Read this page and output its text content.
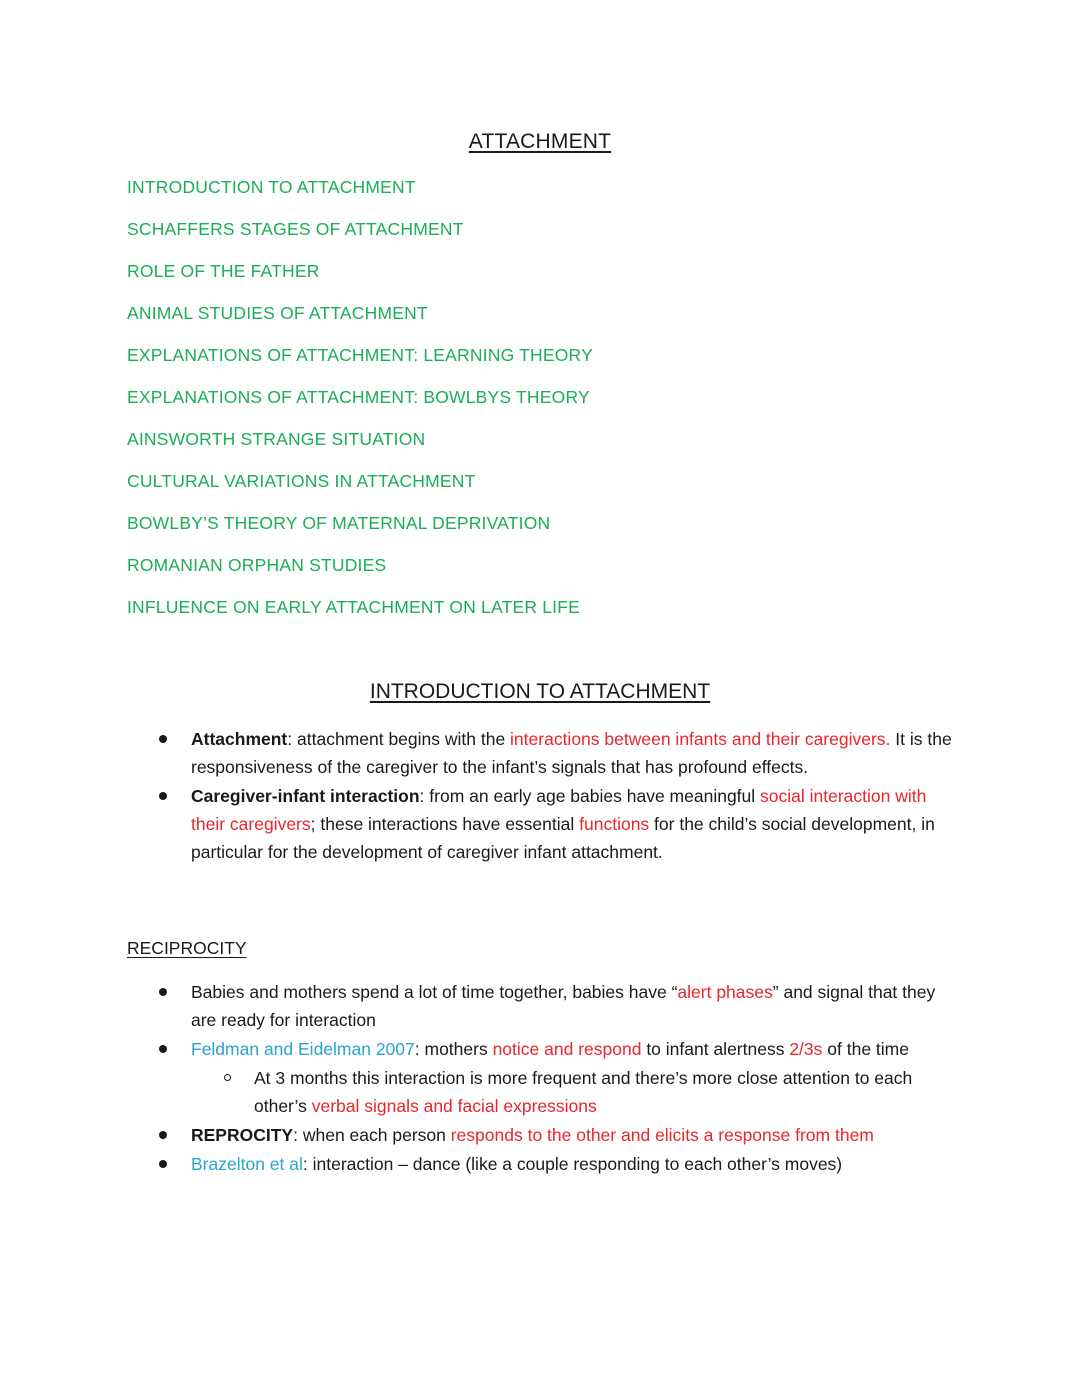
ATTACHMENT
INTRODUCTION TO ATTACHMENT
SCHAFFERS STAGES OF ATTACHMENT
ROLE OF THE FATHER
ANIMAL STUDIES OF ATTACHMENT
EXPLANATIONS OF ATTACHMENT: LEARNING THEORY
EXPLANATIONS OF ATTACHMENT: BOWLBYS THEORY
AINSWORTH STRANGE SITUATION
CULTURAL VARIATIONS IN ATTACHMENT
BOWLBY’S THEORY OF MATERNAL DEPRIVATION
ROMANIAN ORPHAN STUDIES
INFLUENCE ON EARLY ATTACHMENT ON LATER LIFE
INTRODUCTION TO ATTACHMENT
Attachment: attachment begins with the interactions between infants and their caregivers. It is the responsiveness of the caregiver to the infant’s signals that has profound effects.
Caregiver-infant interaction: from an early age babies have meaningful social interaction with their caregivers; these interactions have essential functions for the child’s social development, in particular for the development of caregiver infant attachment.
RECIPROCITY
Babies and mothers spend a lot of time together, babies have “alert phases” and signal that they are ready for interaction
Feldman and Eidelman 2007: mothers notice and respond to infant alertness 2/3s of the time
At 3 months this interaction is more frequent and there’s more close attention to each other’s verbal signals and facial expressions
REPROCITY: when each person responds to the other and elicits a response from them
Brazelton et al: interaction – dance (like a couple responding to each other’s moves)
